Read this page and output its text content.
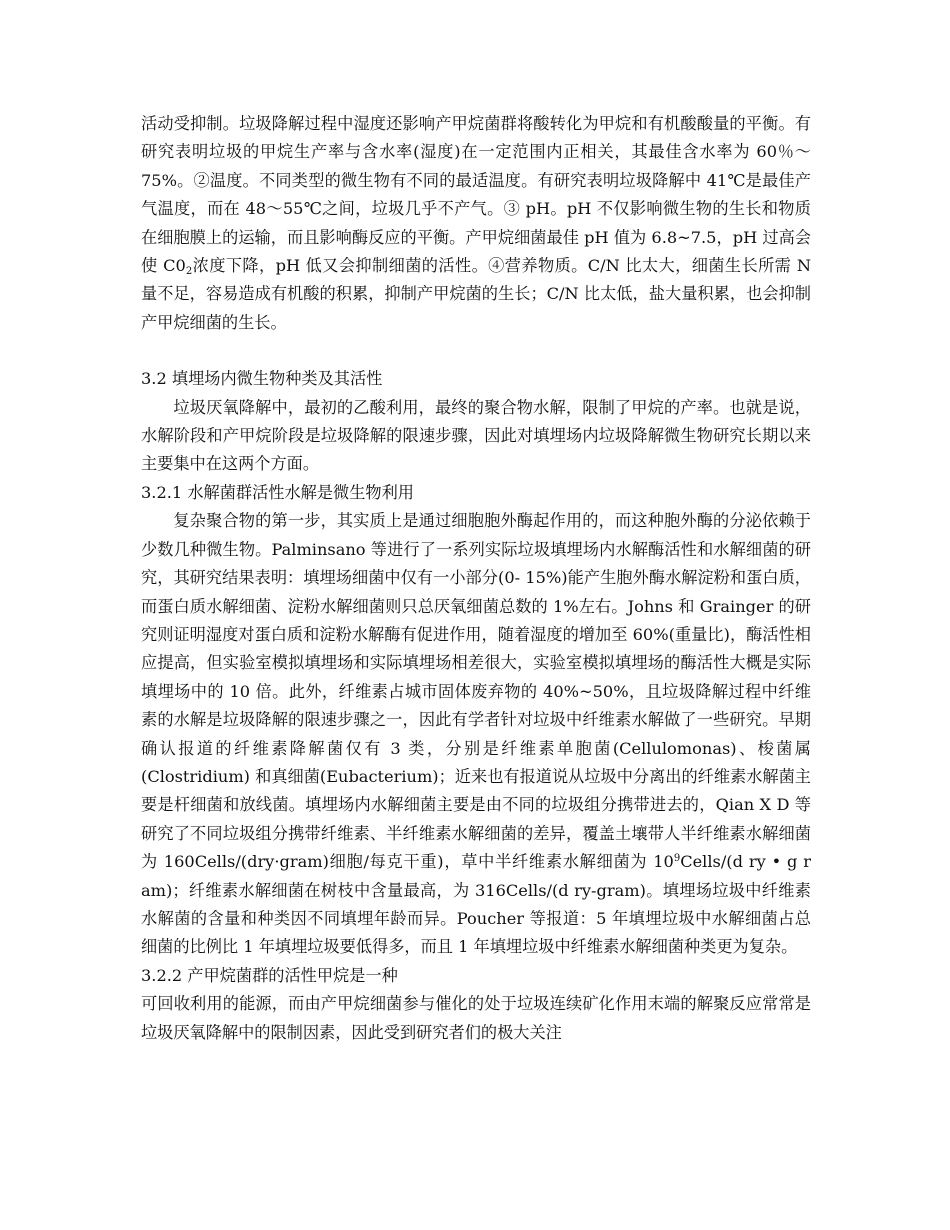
活动受抑制。垃圾降解过程中湿度还影响产甲烷菌群将酸转化为甲烷和有机酸酸量的平衡。有研究表明垃圾的甲烷生产率与含水率(湿度)在一定范围内正相关，其最佳含水率为 60％～75%。②温度。不同类型的微生物有不同的最适温度。有研究表明垃圾降解中 41℃是最佳产气温度，而在 48～55℃之间，垃圾几乎不产气。③ pH。pH 不仅影响微生物的生长和物质在细胞膜上的运输，而且影响酶反应的平衡。产甲烷细菌最佳 pH 值为 6.8~7.5，pH 过高会使 $C0_2$浓度下降，pH 低又会抑制细菌的活性。④营养物质。C/N 比太大，细菌生长所需 N 量不足，容易造成有机酸的积累，抑制产甲烷菌的生长；C/N 比太低，盐大量积累，也会抑制产甲烷细菌的生长。

3.2 填埋场内微生物种类及其活性

垃圾厌氧降解中，最初的乙酸利用，最终的聚合物水解，限制了甲烷的产率。也就是说，水解阶段和产甲烷阶段是垃圾降解的限速步骤，因此对填埋场内垃圾降解微生物研究长期以来主要集中在这两个方面。

3.2.1 水解菌群活性水解是微生物利用

复杂聚合物的第一步，其实质上是通过细胞胞外酶起作用的，而这种胞外酶的分泌依赖于少数几种微生物。Palminsano 等进行了一系列实际垃圾填埋场内水解酶活性和水解细菌的研究，其研究结果表明：填埋场细菌中仅有一小部分(0- 15%)能产生胞外酶水解淀粉和蛋白质，而蛋白质水解细菌、淀粉水解细菌则只总厌氧细菌总数的 1%左右。Johns 和 Grainger 的研究则证明湿度对蛋白质和淀粉水解酶有促进作用，随着湿度的增加至 60%(重量比)，酶活性相应提高，但实验室模拟填埋场和实际填埋场相差很大，实验室模拟填埋场的酶活性大概是实际填埋场中的 10 倍。此外，纤维素占城市固体废弃物的 40%~50%，且垃圾降解过程中纤维素的水解是垃圾降解的限速步骤之一，因此有学者针对垃圾中纤维素水解做了一些研究。早期确认报道的纤维素降解菌仅有 3 类，分别是纤维素单胞菌(Cellulomonas)、梭菌属(Clostridium) 和真细菌(Eubacterium)；近来也有报道说从垃圾中分离出的纤维素水解菌主要是杆细菌和放线菌。填埋场内水解细菌主要是由不同的垃圾组分携带进去的，Qian X D 等研究了不同垃圾组分携带纤维素、半纤维素水解细菌的差异，覆盖土壤带人半纤维素水解细菌为 160Cells/(dry·gram)细胞/每克干重)，草中半纤维素水解细菌为 $10^9Cells/(d$ ry • g r am)；纤维素水解细菌在树枝中含量最高，为 316Cells/(d ry-gram)。填埋场垃圾中纤维素水解菌的含量和种类因不同填埋年龄而异。Poucher 等报道：5 年填埋垃圾中水解细菌占总细菌的比例比 1 年填埋垃圾要低得多，而且 1 年填埋垃圾中纤维素水解细菌种类更为复杂。

3.2.2 产甲烷菌群的活性甲烷是一种

可回收利用的能源，而由产甲烷细菌参与催化的处于垃圾连续矿化作用末端的解聚反应常常是垃圾厌氧降解中的限制因素，因此受到研究者们的极大关注
